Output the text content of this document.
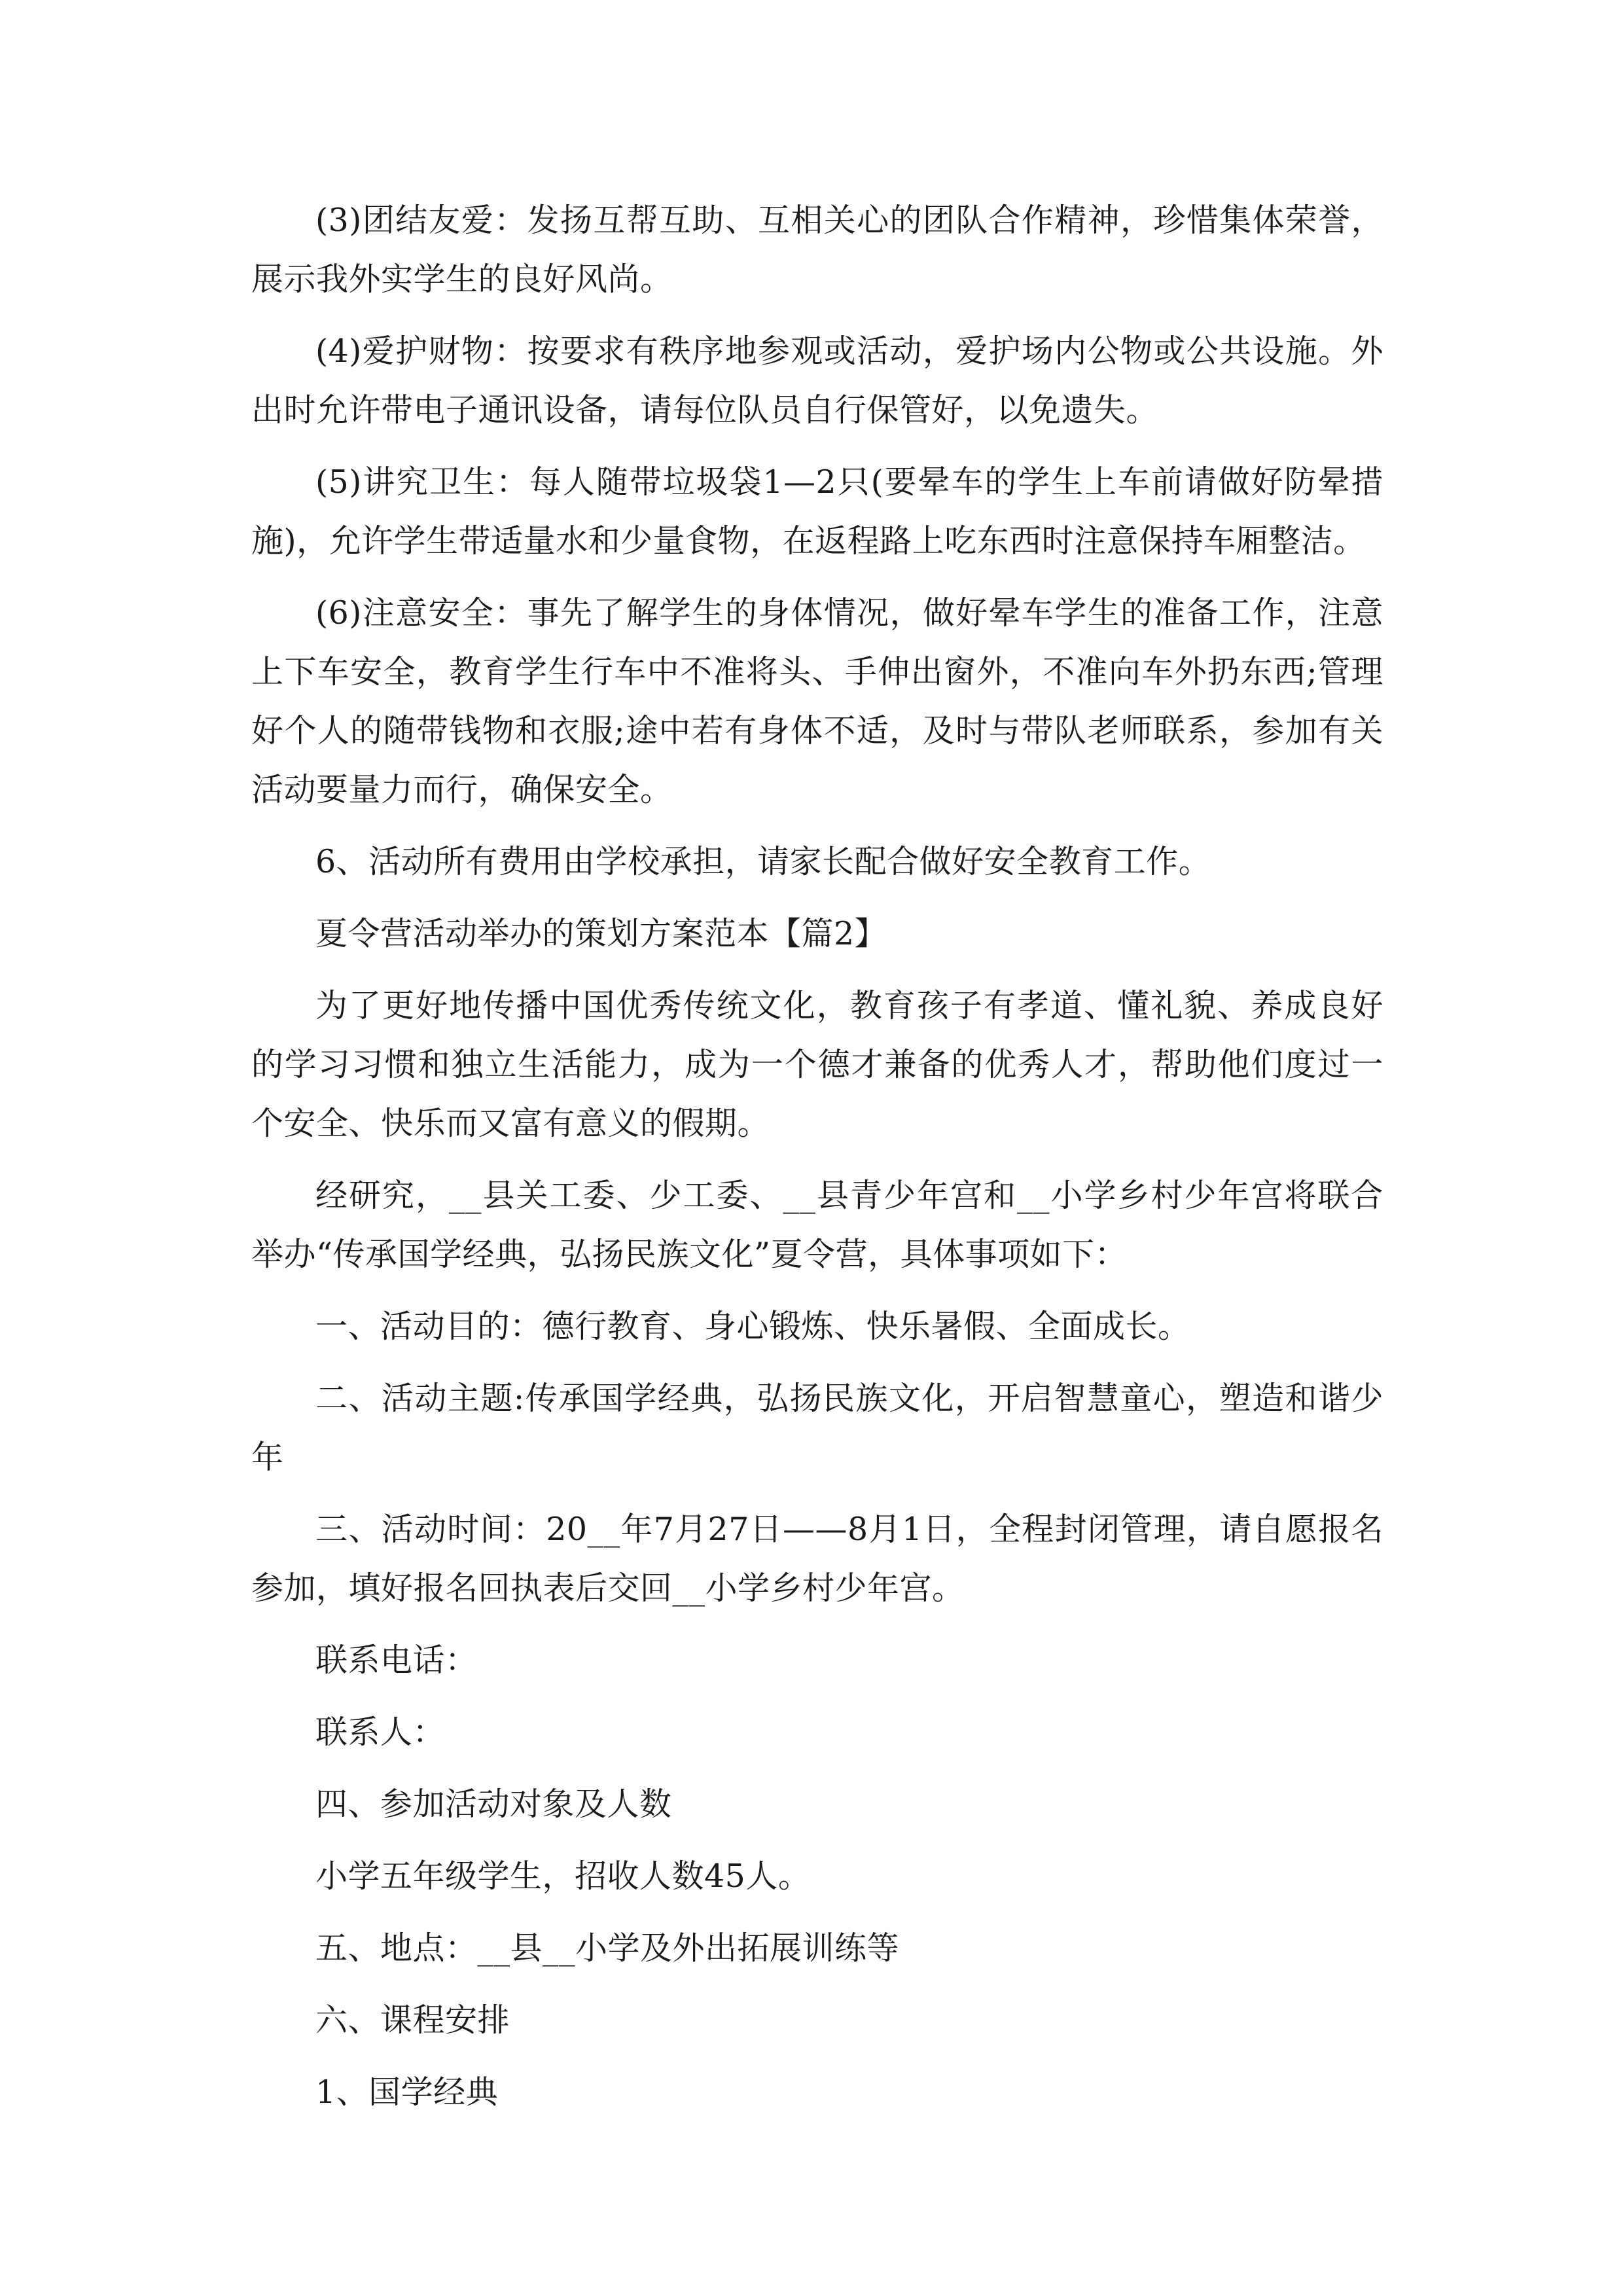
(3)团结友爱：发扬互帮互助、互相关心的团队合作精神，珍惜集体荣誉，展示我外实学生的良好风尚。

(4)爱护财物：按要求有秩序地参观或活动，爱护场内公物或公共设施。外出时允许带电子通讯设备，请每位队员自行保管好，以免遗失。

(5)讲究卫生：每人随带垃圾袋1—2只(要晕车的学生上车前请做好防晕措施)，允许学生带适量水和少量食物，在返程路上吃东西时注意保持车厢整洁。

(6)注意安全：事先了解学生的身体情况，做好晕车学生的准备工作，注意上下车安全，教育学生行车中不准将头、手伸出窗外，不准向车外扔东西;管理好个人的随带钱物和衣服;途中若有身体不适，及时与带队老师联系，参加有关活动要量力而行，确保安全。

6、活动所有费用由学校承担，请家长配合做好安全教育工作。

夏令营活动举办的策划方案范本【篇2】

为了更好地传播中国优秀传统文化，教育孩子有孝道、懂礼貌、养成良好的学习习惯和独立生活能力，成为一个德才兼备的优秀人才，帮助他们度过一个安全、快乐而又富有意义的假期。

经研究，__县关工委、少工委、__县青少年宫和__小学乡村少年宫将联合举办“传承国学经典，弘扬民族文化”夏令营，具体事项如下：

一、活动目的：德行教育、身心锻炼、快乐暑假、全面成长。

二、活动主题:传承国学经典，弘扬民族文化，开启智慧童心，塑造和谐少年

三、活动时间：20__年7月27日——8月1日，全程封闭管理，请自愿报名参加，填好报名回执表后交回__小学乡村少年宫。

联系电话：

联系人：

四、参加活动对象及人数

小学五年级学生，招收人数45人。

五、地点：__县__小学及外出拓展训练等

六、课程安排

1、国学经典
